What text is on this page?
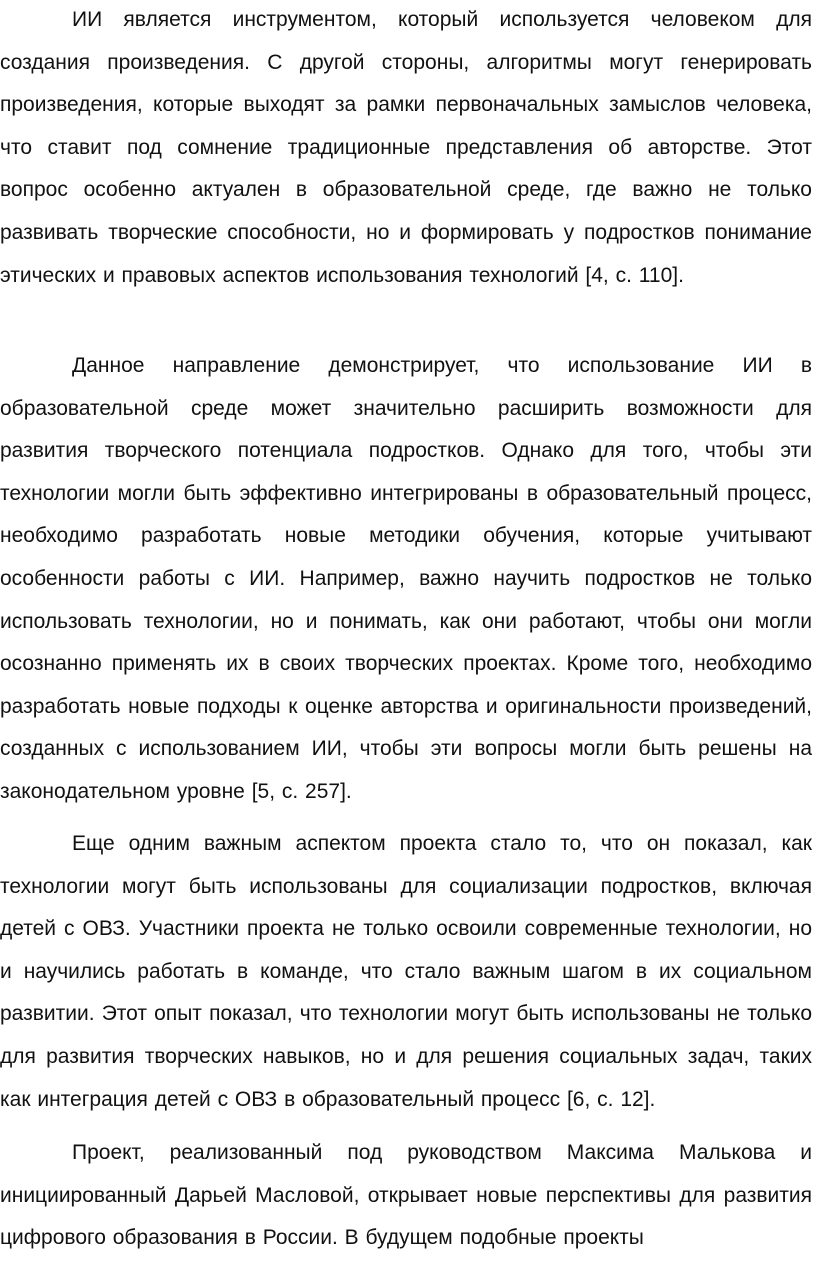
ИИ является инструментом, который используется человеком для создания произведения. С другой стороны, алгоритмы могут генерировать произведения, которые выходят за рамки первоначальных замыслов человека, что ставит под сомнение традиционные представления об авторстве. Этот вопрос особенно актуален в образовательной среде, где важно не только развивать творческие способности, но и формировать у подростков понимание этических и правовых аспектов использования технологий [4, с. 110].

Данное направление демонстрирует, что использование ИИ в образовательной среде может значительно расширить возможности для развития творческого потенциала подростков. Однако для того, чтобы эти технологии могли быть эффективно интегрированы в образовательный процесс, необходимо разработать новые методики обучения, которые учитывают особенности работы с ИИ. Например, важно научить подростков не только использовать технологии, но и понимать, как они работают, чтобы они могли осознанно применять их в своих творческих проектах. Кроме того, необходимо разработать новые подходы к оценке авторства и оригинальности произведений, созданных с использованием ИИ, чтобы эти вопросы могли быть решены на законодательном уровне [5, с. 257].

Еще одним важным аспектом проекта стало то, что он показал, как технологии могут быть использованы для социализации подростков, включая детей с ОВЗ. Участники проекта не только освоили современные технологии, но и научились работать в команде, что стало важным шагом в их социальном развитии. Этот опыт показал, что технологии могут быть использованы не только для развития творческих навыков, но и для решения социальных задач, таких как интеграция детей с ОВЗ в образовательный процесс [6, с. 12].

Проект, реализованный под руководством Максима Малькова и инициированный Дарьей Масловой, открывает новые перспективы для развития цифрового образования в России. В будущем подобные проекты
